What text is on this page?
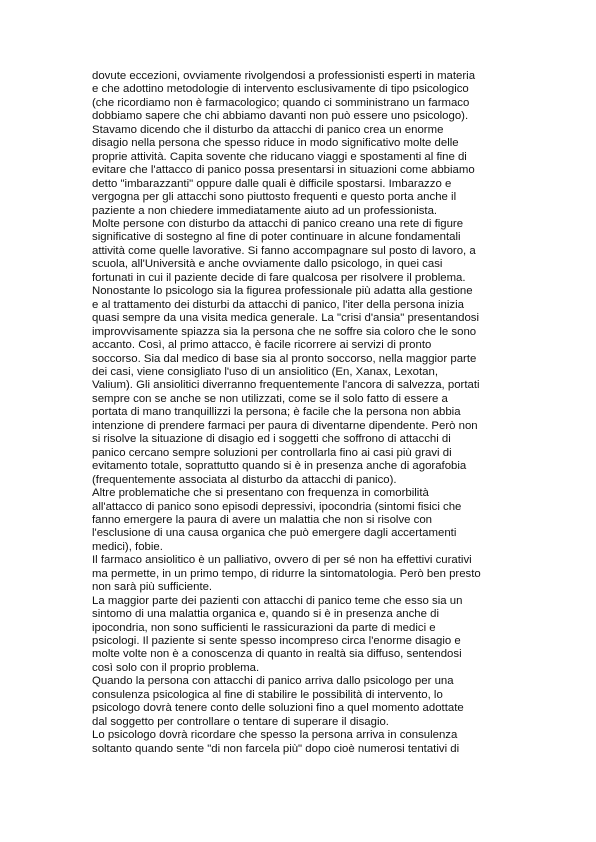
dovute eccezioni, ovviamente rivolgendosi a professionisti esperti in materia
e che adottino metodologie di intervento esclusivamente di tipo psicologico
(che ricordiamo non è farmacologico; quando ci somministrano un farmaco
dobbiamo sapere che chi abbiamo davanti non può essere uno psicologo).
Stavamo dicendo che il disturbo da attacchi di panico crea un enorme
disagio nella persona che spesso riduce in modo significativo molte delle
proprie attività. Capita sovente che riducano viaggi e spostamenti al fine di
evitare che l'attacco di panico possa presentarsi in situazioni come abbiamo
detto "imbarazzanti" oppure dalle quali è difficile spostarsi. Imbarazzo e
vergogna per gli attacchi sono piuttosto frequenti e questo porta anche il
paziente a non chiedere immediatamente aiuto ad un professionista.
Molte persone con disturbo da attacchi di panico creano una rete di figure
significative di sostegno al fine di poter continuare in alcune fondamentali
attività come quelle lavorative. Si fanno accompagnare sul posto di lavoro, a
scuola, all'Università e anche ovviamente dallo psicologo, in quei casi
fortunati in cui il paziente decide di fare qualcosa per risolvere il problema.
Nonostante lo psicologo sia la figurea professionale più adatta alla gestione
e al trattamento dei disturbi da attacchi di panico, l'iter della persona inizia
quasi sempre da una visita medica generale. La "crisi d'ansia" presentandosi
improvvisamente spiazza sia la persona che ne soffre sia coloro che le sono
accanto. Così, al primo attacco, è facile ricorrere ai servizi di pronto
soccorso. Sia dal medico di base sia al pronto soccorso, nella maggior parte
dei casi, viene consigliato l'uso di un ansiolitico (En, Xanax, Lexotan,
Valium). Gli ansiolitici diverranno frequentemente l'ancora di salvezza, portati
sempre con se anche se non utilizzati, come se il solo fatto di essere a
portata di mano tranquillizzi la persona; è facile che la persona non abbia
intenzione di prendere farmaci per paura di diventarne dipendente. Però non
si risolve la situazione di disagio ed i soggetti che soffrono di attacchi di
panico cercano sempre soluzioni per controllarla fino ai casi più gravi di
evitamento totale, soprattutto quando si è in presenza anche di agorafobia
(frequentemente associata al disturbo da attacchi di panico).
Altre problematiche che si presentano con frequenza in comorbilità
all'attacco di panico sono episodi depressivi, ipocondria (sintomi fisici che
fanno emergere la paura di avere un malattia che non si risolve con
l'esclusione di una causa organica che può emergere dagli accertamenti
medici), fobie.
Il farmaco ansiolitico è un palliativo, ovvero di per sé non ha effettivi curativi
ma permette, in un primo tempo, di ridurre la sintomatologia. Però ben presto
non sarà più sufficiente.
La maggior parte dei pazienti con attacchi di panico teme che esso sia un
sintomo di una malattia organica e, quando si è in presenza anche di
ipocondria, non sono sufficienti le rassicurazioni da parte di medici e
psicologi. Il paziente si sente spesso incompreso circa l'enorme disagio e
molte volte non è a conoscenza di quanto in realtà sia diffuso, sentendosi
così solo con il proprio problema.
Quando la persona con attacchi di panico arriva dallo psicologo per una
consulenza psicologica al fine di stabilire le possibilità di intervento, lo
psicologo dovrà tenere conto delle soluzioni fino a quel momento adottate
dal soggetto per controllare o tentare di superare il disagio.
Lo psicologo dovrà ricordare che spesso la persona arriva in consulenza
soltanto quando sente "di non farcela più" dopo cioè numerosi tentativi di
